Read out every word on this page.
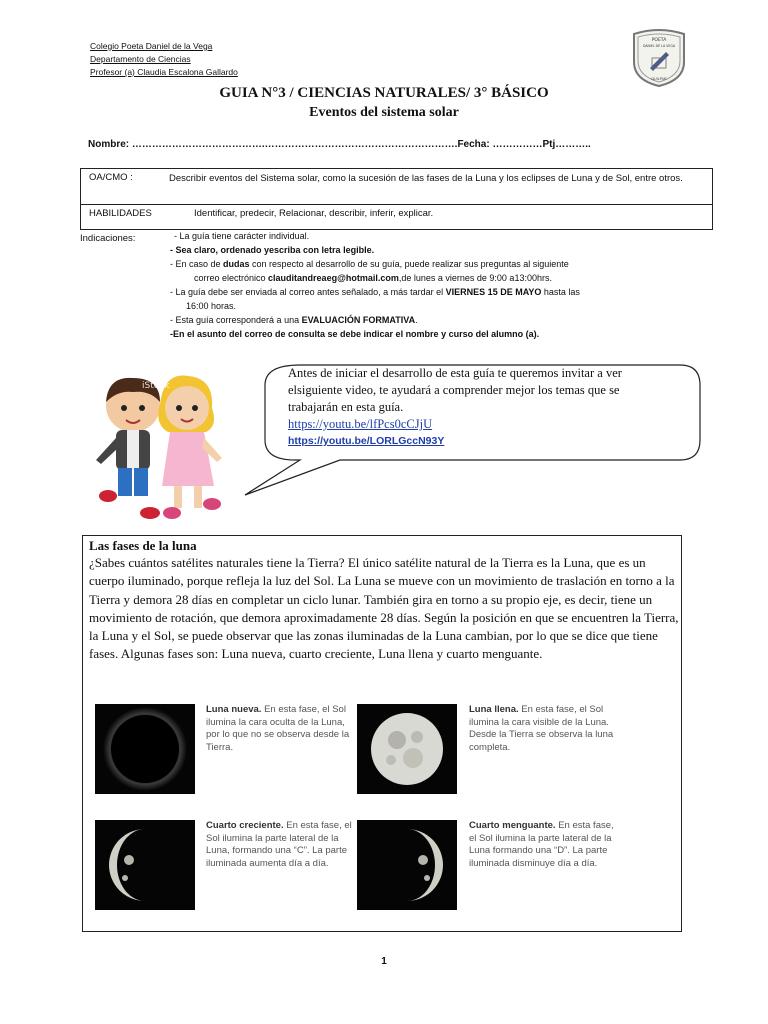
Colegio Poeta Daniel de la Vega
Departamento de Ciencias
Profesor (a) Claudia Escalona Gallardo
POETA
DANIEL DE LA VEGA
QUILPUE
GUIA N°3 / CIENCIAS NATURALES/ 3° BÁSICO
Eventos del sistema solar
Nombre: ………………………………….………………………………………………….Fecha: ……………Ptj………..
OA/CMO :	Describir eventos del Sistema solar, como la sucesión de las fases de la Luna y los eclipses de Luna y de Sol, entre otros.
HABILIDADES	Identificar, predecir, Relacionar, describir, inferir, explicar.
Indicaciones:	- La guía tiene carácter individual.
- Sea claro, ordenado yescriba con letra legible.
- En caso de dudas con respecto al desarrollo de su guía, puede realizar sus preguntas al siguiente
correo electrónico clauditandreaeg@hotmail.com,de lunes a viernes de 9:00 a13:00hrs.
- La guía debe ser enviada al correo antes señalado, a más tardar el VIERNES 15 DE MAYO hasta las
16:00 horas.
- Esta guía corresponderá a una EVALUACIÓN FORMATIVA.
-En el asunto del correo de consulta se debe indicar el nombre y curso del alumno (a).
iStock
Antes de iniciar el desarrollo de esta guía te queremos invitar a ver elsiguiente video, te ayudará a comprender mejor los temas que se trabajarán en esta guía.
https://youtu.be/lfPcs0cCJjU
https://youtu.be/LORLGccN93Y
Las fases de la luna
¿Sabes cuántos satélites naturales tiene la Tierra? El único satélite natural de la Tierra es la Luna, que es un cuerpo iluminado, porque refleja la luz del Sol. La Luna se mueve con un movimiento de traslación en torno a la Tierra y demora 28 días en completar un ciclo lunar. También gira en torno a su propio eje, es decir, tiene un movimiento de rotación, que demora aproximadamente 28 días. Según la posición en que se encuentren la Tierra, la Luna y el Sol, se puede observar que las zonas iluminadas de la Luna cambian, por lo que se dice que tiene fases. Algunas fases son: Luna nueva, cuarto creciente, Luna llena y cuarto menguante.
Luna nueva. En esta fase, el Sol ilumina la cara oculta de la Luna, por lo que no se observa desde la Tierra.
Luna llena. En esta fase, el Sol ilumina la cara visible de la Luna. Desde la Tierra se observa la luna completa.
Cuarto creciente. En esta fase, el Sol ilumina la parte lateral de la Luna, formando una “C”. La parte iluminada aumenta día a día.
Cuarto menguante. En esta fase, el Sol ilumina la parte lateral de la Luna formando una “D”. La parte iluminada disminuye día a día.
1
